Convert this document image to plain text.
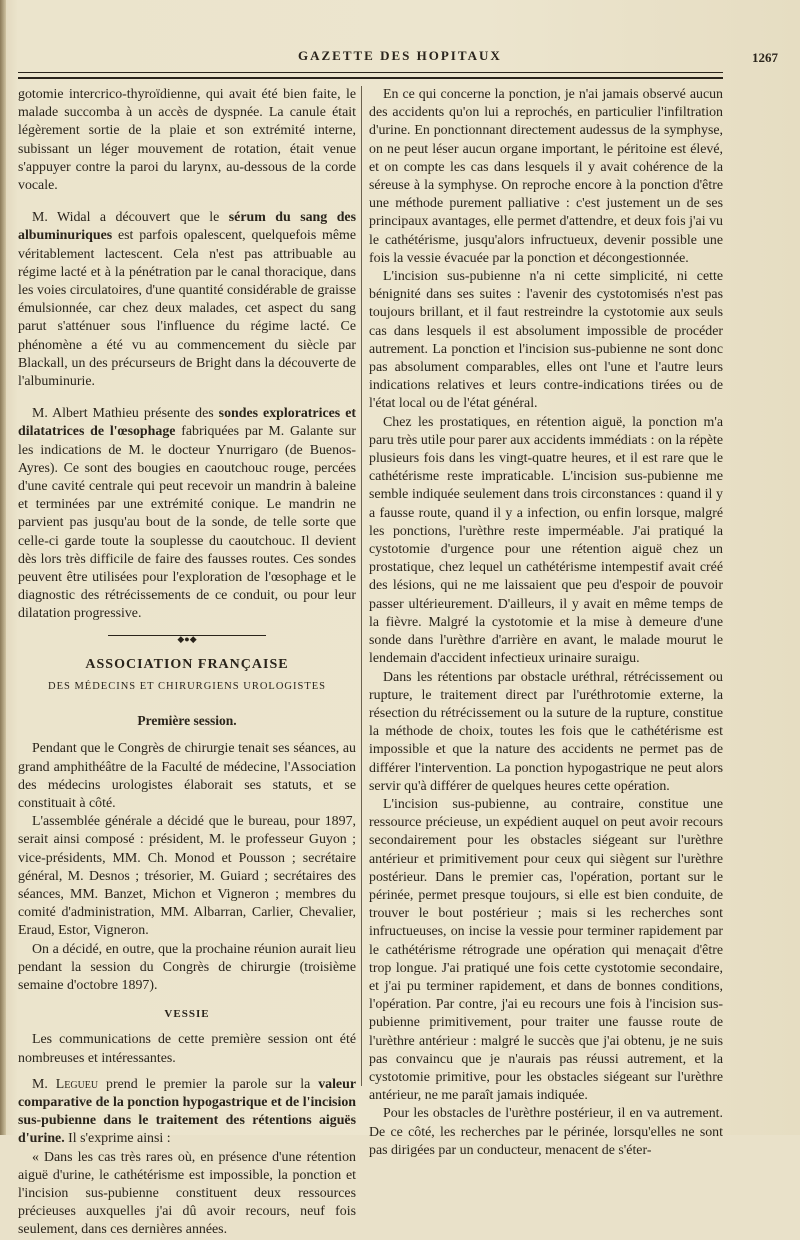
GAZETTE DES HOPITAUX	1267

gotomie intercrico-thyroïdienne, qui avait été bien faite, le malade succomba à un accès de dyspnée. La canule était légèrement sortie de la plaie et son extrémité interne, subissant un léger mouvement de rotation, était venue s'appuyer contre la paroi du larynx, au-dessous de la corde vocale.

M. Widal a découvert que le sérum du sang des albuminuriques est parfois opalescent, quelquefois même véritablement lactescent. Cela n'est pas attribuable au régime lacté et à la pénétration par le canal thoracique, dans les voies circulatoires, d'une quantité considérable de graisse émulsionnée, car chez deux malades, cet aspect du sang parut s'atténuer sous l'influence du régime lacté. Ce phénomène a été vu au commencement du siècle par Blackall, un des précurseurs de Bright dans la découverte de l'albuminurie.

M. Albert Mathieu présente des sondes exploratrices et dilatatrices de l'œsophage fabriquées par M. Galante sur les indications de M. le docteur Ynurrigaro (de Buenos-Ayres). Ce sont des bougies en caoutchouc rouge, percées d'une cavité centrale qui peut recevoir un mandrin à baleine et terminées par une extrémité conique. Le mandrin ne parvient pas jusqu'au bout de la sonde, de telle sorte que celle-ci garde toute la souplesse du caoutchouc. Il devient dès lors très difficile de faire des fausses routes. Ces sondes peuvent être utilisées pour l'exploration de l'œsophage et le diagnostic des rétrécissements de ce conduit, ou pour leur dilatation progressive.

◆●◆
ASSOCIATION FRANÇAISE
DES MÉDECINS ET CHIRURGIENS UROLOGISTES
Première session.

Pendant que le Congrès de chirurgie tenait ses séances, au grand amphithéâtre de la Faculté de médecine, l'Association des médecins urologistes élaborait ses statuts, et se constituait à côté.

L'assemblée générale a décidé que le bureau, pour 1897, serait ainsi composé : président, M. le professeur Guyon ; vice-présidents, MM. Ch. Monod et Pousson ; secrétaire général, M. Desnos ; trésorier, M. Guiard ; secrétaires des séances, MM. Banzet, Michon et Vigneron ; membres du comité d'administration, MM. Albarran, Carlier, Chevalier, Eraud, Estor, Vigneron.

On a décidé, en outre, que la prochaine réunion aurait lieu pendant la session du Congrès de chirurgie (troisième semaine d'octobre 1897).

VESSIE

Les communications de cette première session ont été nombreuses et intéressantes.

M. Legueu prend le premier la parole sur la valeur comparative de la ponction hypogastrique et de l'incision sus-pubienne dans le traitement des rétentions aiguës d'urine. Il s'exprime ainsi :

« Dans les cas très rares où, en présence d'une rétention aiguë d'urine, le cathétérisme est impossible, la ponction et l'incision sus-pubienne constituent deux ressources précieuses auxquelles j'ai dû avoir recours, neuf fois seulement, dans ces dernières années.

En ce qui concerne la ponction, je n'ai jamais observé aucun des accidents qu'on lui a reprochés, en particulier l'infiltration d'urine. En ponctionnant directement audessus de la symphyse, on ne peut léser aucun organe important, le péritoine est élevé, et on compte les cas dans lesquels il y avait cohérence de la séreuse à la symphyse. On reproche encore à la ponction d'être une méthode purement palliative : c'est justement un de ses principaux avantages, elle permet d'attendre, et deux fois j'ai vu le cathétérisme, jusqu'alors infructueux, devenir possible une fois la vessie évacuée par la ponction et décongestionnée.

L'incision sus-pubienne n'a ni cette simplicité, ni cette bénignité dans ses suites : l'avenir des cystotomisés n'est pas toujours brillant, et il faut restreindre la cystotomie aux seuls cas dans lesquels il est absolument impossible de procéder autrement. La ponction et l'incision sus-pubienne ne sont donc pas absolument comparables, elles ont l'une et l'autre leurs indications relatives et leurs contre-indications tirées ou de l'état local ou de l'état général.

Chez les prostatiques, en rétention aiguë, la ponction m'a paru très utile pour parer aux accidents immédiats : on la répète plusieurs fois dans les vingt-quatre heures, et il est rare que le cathétérisme reste impraticable. L'incision sus-pubienne me semble indiquée seulement dans trois circonstances : quand il y a fausse route, quand il y a infection, ou enfin lorsque, malgré les ponctions, l'urèthre reste imperméable. J'ai pratiqué la cystotomie d'urgence pour une rétention aiguë chez un prostatique, chez lequel un cathétérisme intempestif avait créé des lésions, qui ne me laissaient que peu d'espoir de pouvoir passer ultérieurement. D'ailleurs, il y avait en même temps de la fièvre. Malgré la cystotomie et la mise à demeure d'une sonde dans l'urèthre d'arrière en avant, le malade mourut le lendemain d'accident infectieux urinaire suraigu.

Dans les rétentions par obstacle uréthral, rétrécissement ou rupture, le traitement direct par l'uréthrotomie externe, la résection du rétrécissement ou la suture de la rupture, constitue la méthode de choix, toutes les fois que le cathétérisme est impossible et que la nature des accidents ne permet pas de différer l'intervention. La ponction hypogastrique ne peut alors servir qu'à différer de quelques heures cette opération.

L'incision sus-pubienne, au contraire, constitue une ressource précieuse, un expédient auquel on peut avoir recours secondairement pour les obstacles siégeant sur l'urèthre antérieur et primitivement pour ceux qui siègent sur l'urèthre postérieur. Dans le premier cas, l'opération, portant sur le périnée, permet presque toujours, si elle est bien conduite, de trouver le bout postérieur ; mais si les recherches sont infructueuses, on incise la vessie pour terminer rapidement par le cathétérisme rétrograde une opération qui menaçait d'être trop longue. J'ai pratiqué une fois cette cystotomie secondaire, et j'ai pu terminer rapidement, et dans de bonnes conditions, l'opération. Par contre, j'ai eu recours une fois à l'incision sus-pubienne primitivement, pour traiter une fausse route de l'urèthre antérieur : malgré le succès que j'ai obtenu, je ne suis pas convaincu que je n'aurais pas réussi autrement, et la cystotomie primitive, pour les obstacles siégeant sur l'urèthre antérieur, ne me paraît jamais indiquée.

Pour les obstacles de l'urèthre postérieur, il en va autrement. De ce côté, les recherches par le périnée, lorsqu'elles ne sont pas dirigées par un conducteur, menacent de s'éter-
